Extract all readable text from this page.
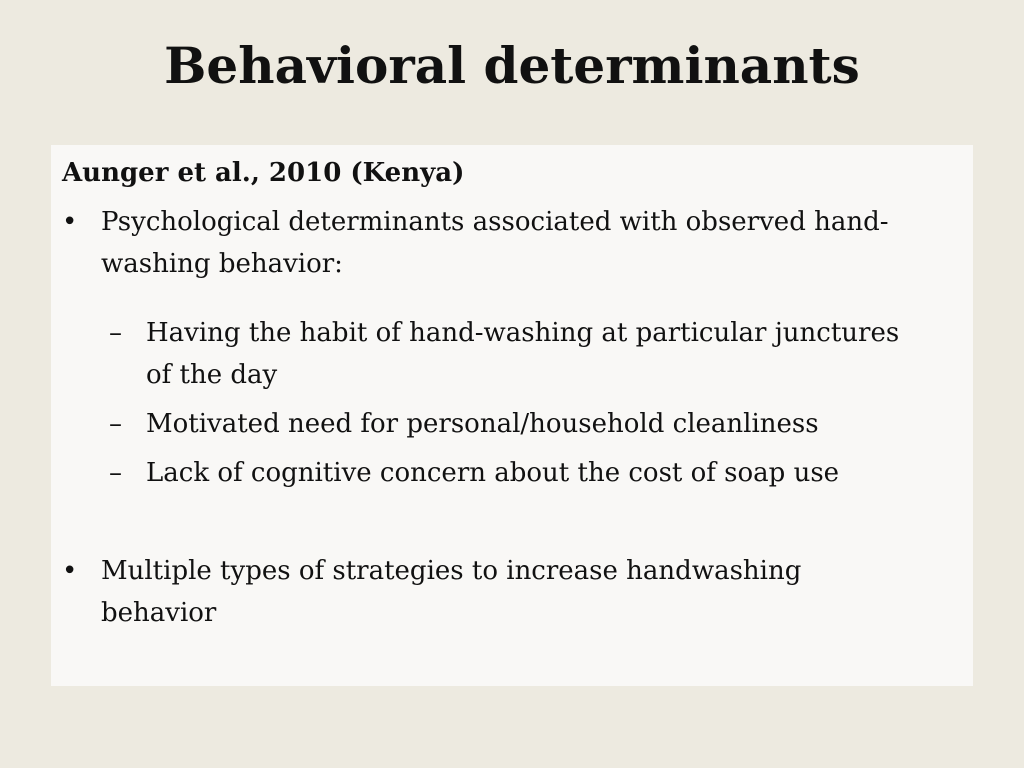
Behavioral determinants
Aunger et al., 2010 (Kenya)
• Psychological determinants associated with observed hand-washing behavior:
– Having the habit of hand-washing at particular junctures of the day
– Motivated need for personal/household cleanliness
– Lack of cognitive concern about the cost of soap use
• Multiple types of strategies to increase handwashing behavior
